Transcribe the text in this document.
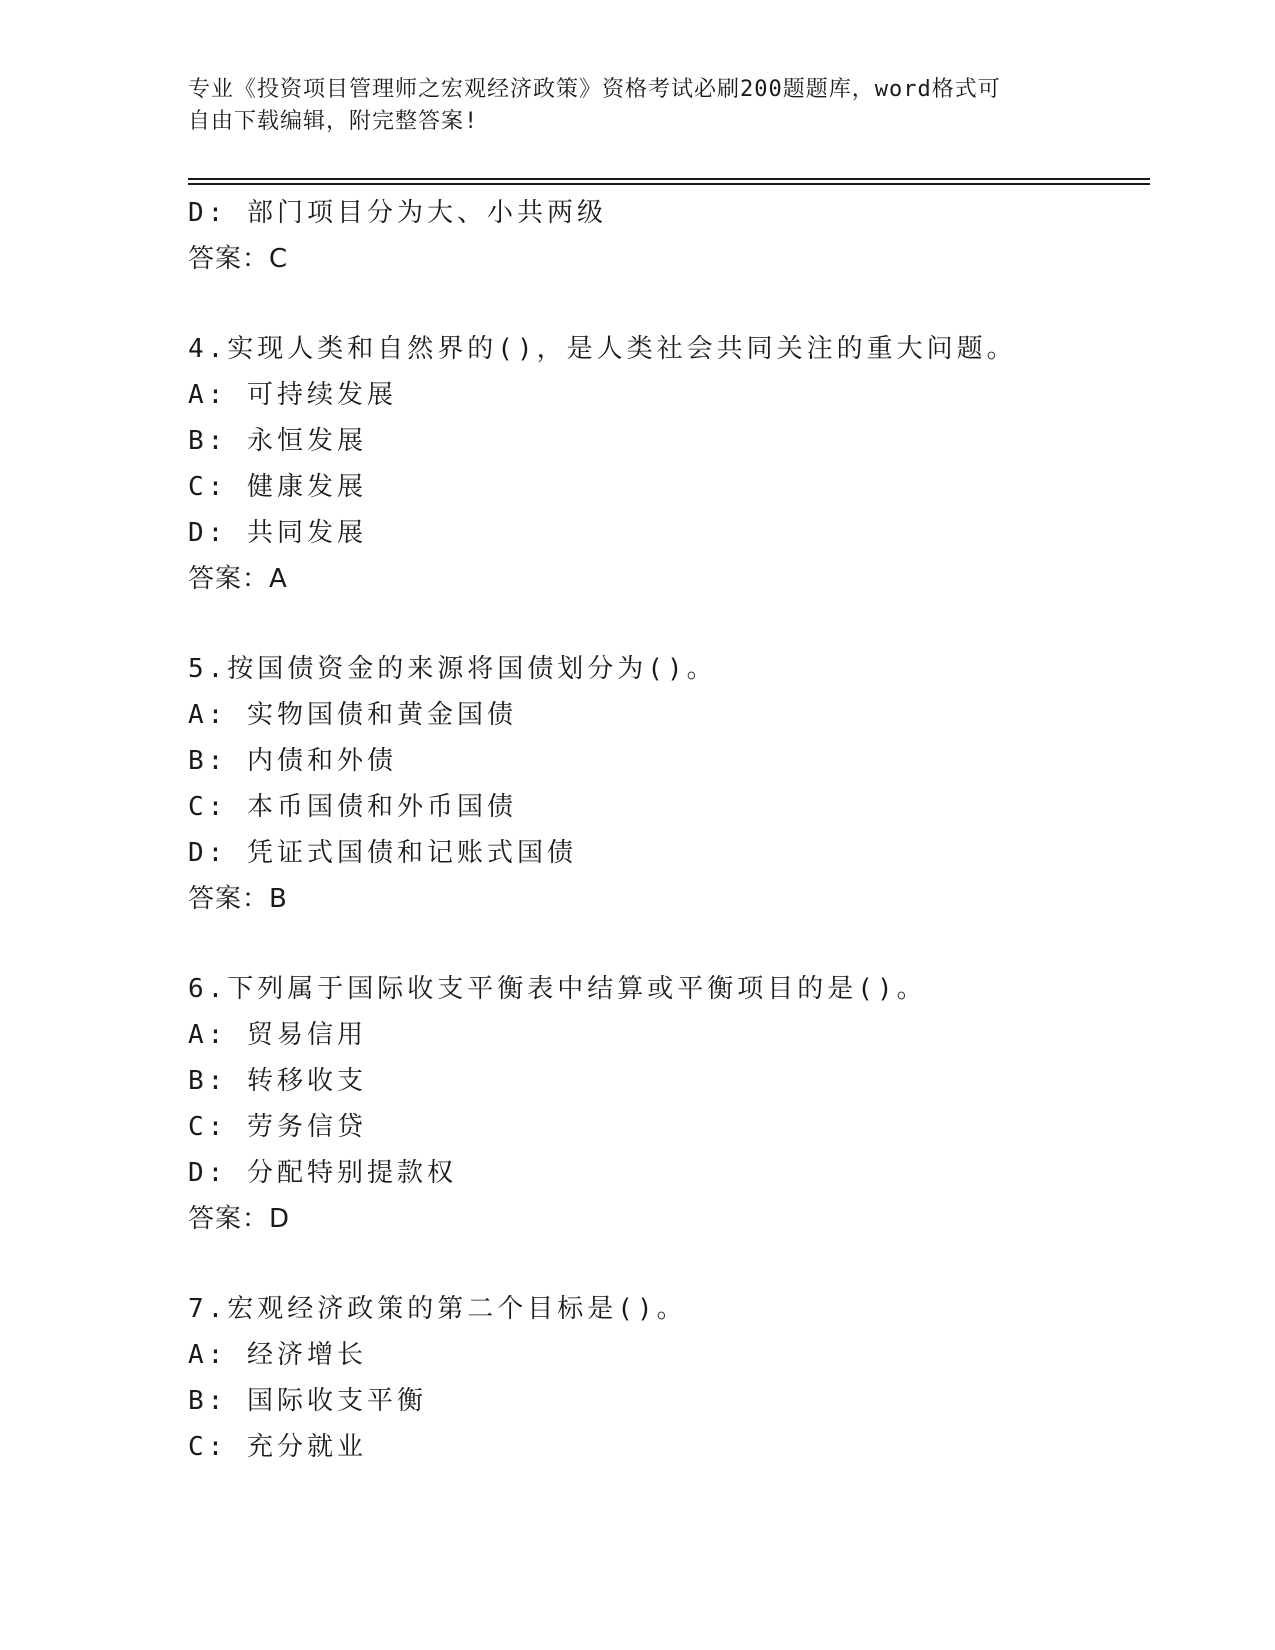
专业《投资项目管理师之宏观经济政策》资格考试必刷200题题库，word格式可
自由下载编辑，附完整答案!
D: 部门项目分为大、小共两级
答案：C
4.实现人类和自然界的()，是人类社会共同关注的重大问题。
A: 可持续发展
B: 永恒发展
C: 健康发展
D: 共同发展
答案：A
5.按国债资金的来源将国债划分为()。
A: 实物国债和黄金国债
B: 内债和外债
C: 本币国债和外币国债
D: 凭证式国债和记账式国债
答案：B
6.下列属于国际收支平衡表中结算或平衡项目的是()。
A: 贸易信用
B: 转移收支
C: 劳务信贷
D: 分配特别提款权
答案：D
7.宏观经济政策的第二个目标是()。
A: 经济增长
B: 国际收支平衡
C: 充分就业
